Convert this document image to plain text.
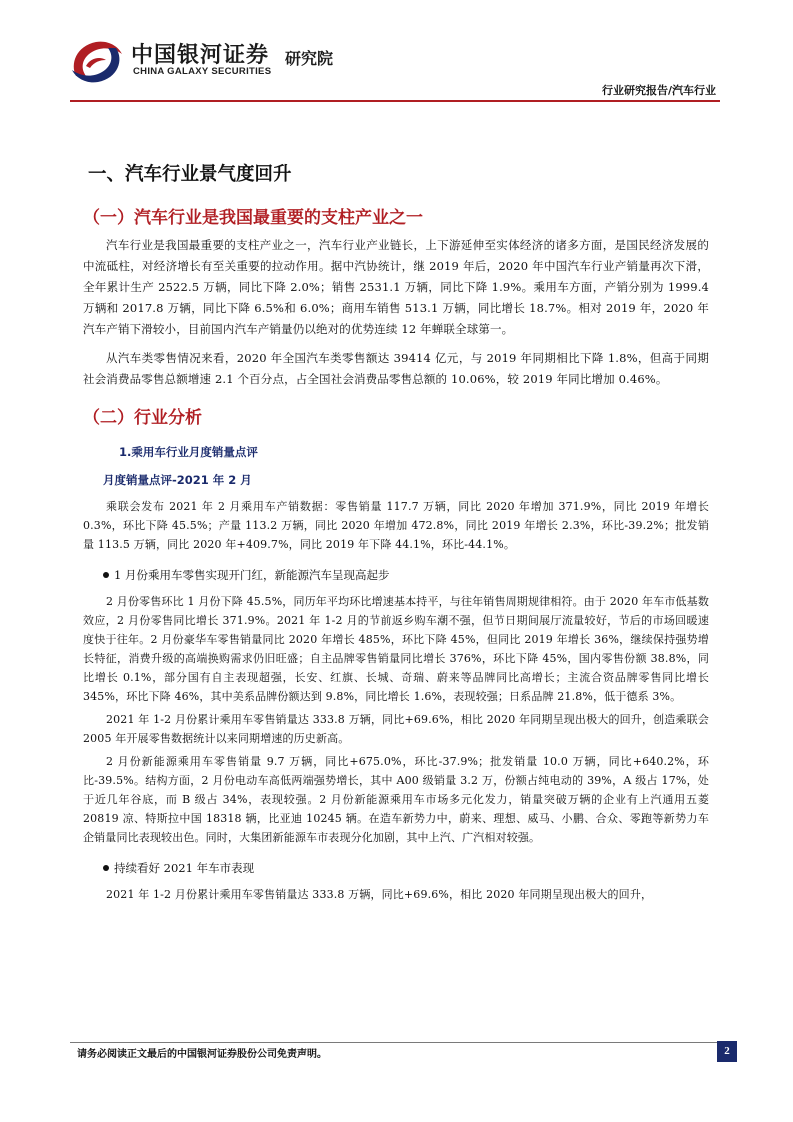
中国银河证券
CHINA GALAXY SECURITIES
研究院
行业研究报告/汽车行业
一、汽车行业景气度回升
（一）汽车行业是我国最重要的支柱产业之一

汽车行业是我国最重要的支柱产业之一，汽车行业产业链长，上下游延伸至实体经济的诸多方面，是国民经济发展的中流砥柱，对经济增长有至关重要的拉动作用。据中汽协统计，继 2019 年后，2020 年中国汽车行业产销量再次下滑，全年累计生产 2522.5 万辆，同比下降 2.0%；销售 2531.1 万辆，同比下降 1.9%。乘用车方面，产销分别为 1999.4 万辆和 2017.8 万辆，同比下降 6.5%和 6.0%；商用车销售 513.1 万辆，同比增长 18.7%。相对 2019 年，2020 年汽车产销下滑较小，目前国内汽车产销量仍以绝对的优势连续 12 年蝉联全球第一。

从汽车类零售情况来看，2020 年全国汽车类零售额达 39414 亿元，与 2019 年同期相比下降 1.8%，但高于同期社会消费品零售总额增速 2.1 个百分点，占全国社会消费品零售总额的 10.06%，较 2019 年同比增加 0.46%。

（二）行业分析
1.乘用车行业月度销量点评
月度销量点评-2021 年 2 月

乘联会发布 2021 年 2 月乘用车产销数据：零售销量 117.7 万辆，同比 2020 年增加 371.9%，同比 2019 年增长 0.3%，环比下降 45.5%；产量 113.2 万辆，同比 2020 年增加 472.8%，同比 2019 年增长 2.3%，环比-39.2%；批发销量 113.5 万辆，同比 2020 年+409.7%，同比 2019 年下降 44.1%，环比-44.1%。

1 月份乘用车零售实现开门红，新能源汽车呈现高起步

2 月份零售环比 1 月份下降 45.5%，同历年平均环比增速基本持平，与往年销售周期规律相符。由于 2020 年车市低基数效应，2 月份零售同比增长 371.9%。2021 年 1-2 月的节前返乡购车潮不强，但节日期间展厅流量较好，节后的市场回暖速度快于往年。2 月份豪华车零售销量同比 2020 年增长 485%，环比下降 45%，但同比 2019 年增长 36%，继续保持强势增长特征，消费升级的高端换购需求仍旧旺盛；自主品牌零售销量同比增长 376%，环比下降 45%，国内零售份额 38.8%，同比增长 0.1%，部分国有自主表现超强，长安、红旗、长城、奇瑞、蔚来等品牌同比高增长；主流合资品牌零售同比增长 345%，环比下降 46%，其中美系品牌份额达到 9.8%，同比增长 1.6%，表现较强；日系品牌 21.8%，低于德系 3%。

2021 年 1-2 月份累计乘用车零售销量达 333.8 万辆，同比+69.6%，相比 2020 年同期呈现出极大的回升，创造乘联会 2005 年开展零售数据统计以来同期增速的历史新高。

2 月份新能源乘用车零售销量 9.7 万辆，同比+675.0%，环比-37.9%；批发销量 10.0 万辆，同比+640.2%，环比-39.5%。结构方面，2 月份电动车高低两端强势增长，其中 A00 级销量 3.2 万，份额占纯电动的 39%，A 级占 17%，处于近几年谷底，而 B 级占 34%，表现较强。2 月份新能源乘用车市场多元化发力，销量突破万辆的企业有上汽通用五菱 20819 凉、特斯拉中国 18318 辆，比亚迪 10245 辆。在造车新势力中，蔚来、理想、威马、小鹏、合众、零跑等新势力车企销量同比表现较出色。同时，大集团新能源车市表现分化加剧，其中上汽、广汽相对较强。

持续看好 2021 年车市表现

2021 年 1-2 月份累计乘用车零售销量达 333.8 万辆，同比+69.6%，相比 2020 年同期呈现出极大的回升，

请务必阅读正文最后的中国银河证券股份公司免责声明。	2
